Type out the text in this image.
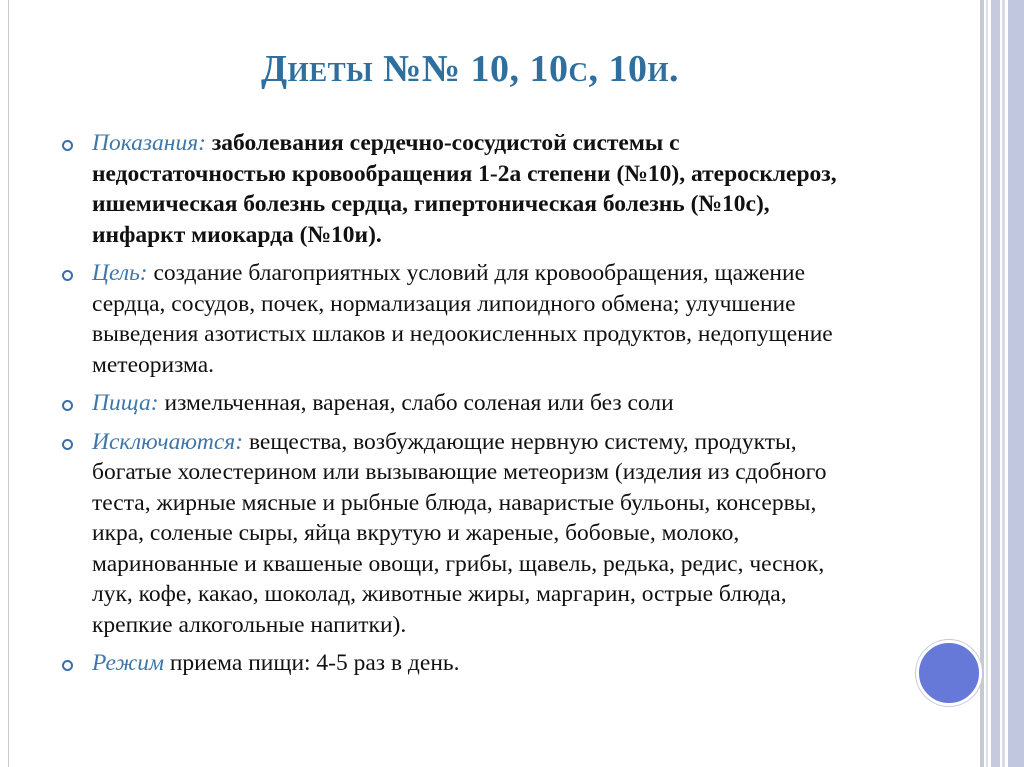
Диеты №№ 10, 10с, 10и.
Показания: заболевания сердечно-сосудистой системы с недостаточностью кровообращения 1-2а степени (№10), атеросклероз, ишемическая болезнь сердца, гипертоническая болезнь (№10с), инфаркт миокарда (№10и).
Цель: создание благоприятных условий для кровообращения, щажение сердца, сосудов, почек, нормализация липоидного обмена; улучшение выведения азотистых шлаков и недоокисленных продуктов, недопущение метеоризма.
Пища: измельченная, вареная, слабо соленая или без соли
Исключаются: вещества, возбуждающие нервную систему, продукты, богатые холестерином или вызывающие метеоризм (изделия из сдобного теста, жирные мясные и рыбные блюда, наваристые бульоны, консервы, икра, соленые сыры, яйца вкрутую и жареные, бобовые, молоко, маринованные и квашеные овощи, грибы, щавель, редька, редис, чеснок, лук, кофе, какао, шоколад, животные жиры, маргарин, острые блюда, крепкие алкогольные напитки).
Режим приема пищи: 4-5 раз в день.
